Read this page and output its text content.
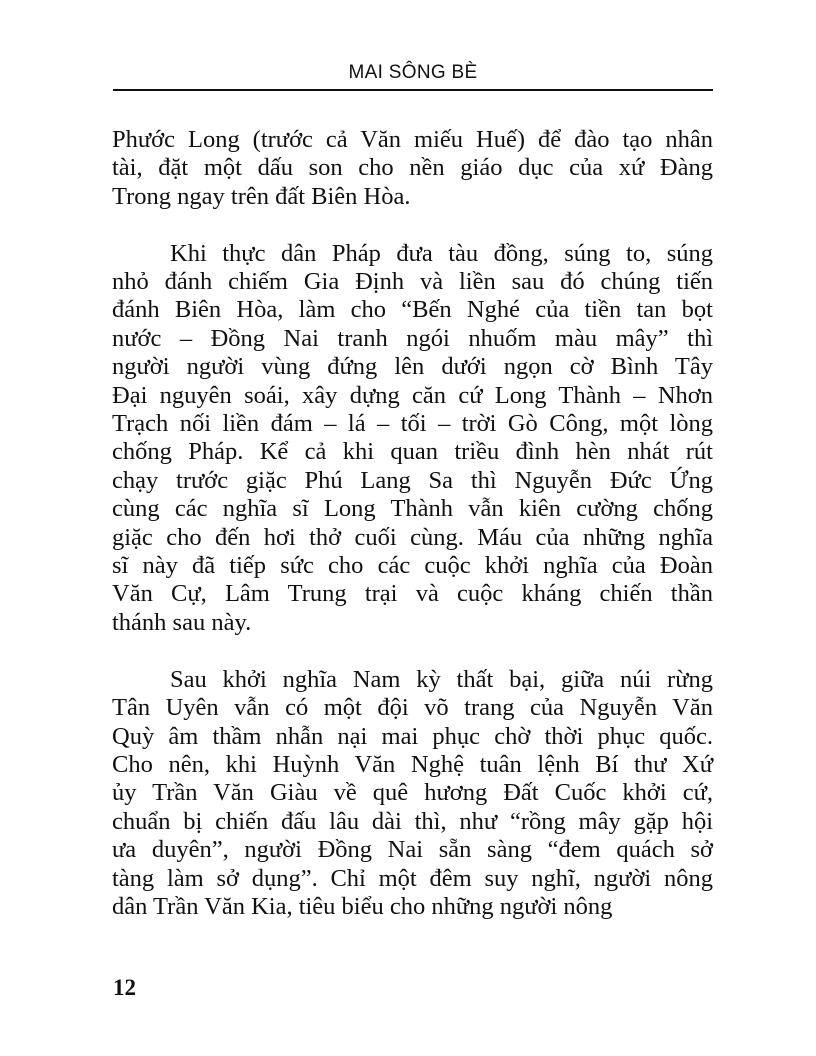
MAI SÔNG BÈ
Phước Long (trước cả Văn miếu Huế) để đào tạo nhân
tài, đặt một dấu son cho nền giáo dục của xứ Đàng
Trong ngay trên đất Biên Hòa.
Khi thực dân Pháp đưa tàu đồng, súng to, súng
nhỏ đánh chiếm Gia Định và liền sau đó chúng tiến
đánh Biên Hòa, làm cho “Bến Nghé của tiền tan bọt
nước – Đồng Nai tranh ngói nhuốm màu mây” thì
người người vùng đứng lên dưới ngọn cờ Bình Tây
Đại nguyên soái, xây dựng căn cứ Long Thành – Nhơn
Trạch nối liền đám – lá – tối – trời Gò Công, một lòng
chống Pháp. Kể cả khi quan triều đình hèn nhát rút
chạy trước giặc Phú Lang Sa thì Nguyễn Đức Ứng
cùng các nghĩa sĩ Long Thành vẫn kiên cường chống
giặc cho đến hơi thở cuối cùng. Máu của những nghĩa
sĩ này đã tiếp sức cho các cuộc khởi nghĩa của Đoàn
Văn Cự, Lâm Trung trại và cuộc kháng chiến thần
thánh sau này.
Sau khởi nghĩa Nam kỳ thất bại, giữa núi rừng
Tân Uyên vẫn có một đội võ trang của Nguyễn Văn
Quỳ âm thầm nhẫn nại mai phục chờ thời phục quốc.
Cho nên, khi Huỳnh Văn Nghệ tuân lệnh Bí thư Xứ
ủy Trần Văn Giàu về quê hương Đất Cuốc khởi cứ,
chuẩn bị chiến đấu lâu dài thì, như “rồng mây gặp hội
ưa duyên”, người Đồng Nai sẵn sàng “đem quách sở
tàng làm sở dụng”. Chỉ một đêm suy nghĩ, người nông
dân Trần Văn Kia, tiêu biểu cho những người nông
12
